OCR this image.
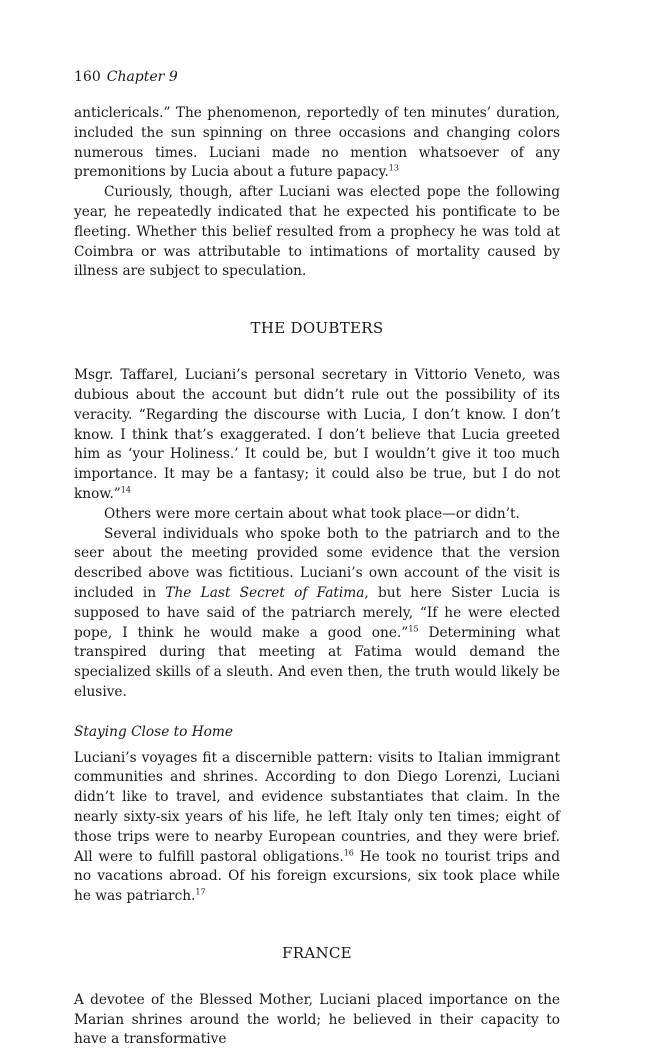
160 Chapter 9

anticlericals.” The phenomenon, reportedly of ten minutes’ duration, included the sun spinning on three occasions and changing colors numerous times. Luciani made no mention whatsoever of any premonitions by Lucia about a future papacy.$^{13}$

Curiously, though, after Luciani was elected pope the following year, he repeatedly indicated that he expected his pontificate to be fleeting. Whether this belief resulted from a prophecy he was told at Coimbra or was attributable to intimations of mortality caused by illness are subject to speculation.

THE DOUBTERS

Msgr. Taffarel, Luciani’s personal secretary in Vittorio Veneto, was dubious about the account but didn’t rule out the possibility of its veracity. “Regarding the discourse with Lucia, I don’t know. I don’t know. I think that’s exaggerated. I don’t believe that Lucia greeted him as ‘your Holiness.’ It could be, but I wouldn’t give it too much importance. It may be a fantasy; it could also be true, but I do not know.”$^{14}$

Others were more certain about what took place—or didn’t.

Several individuals who spoke both to the patriarch and to the seer about the meeting provided some evidence that the version described above was fictitious. Luciani’s own account of the visit is included in The Last Secret of Fatima, but here Sister Lucia is supposed to have said of the patriarch merely, “If he were elected pope, I think he would make a good one.”$^{15}$ Determining what transpired during that meeting at Fatima would demand the specialized skills of a sleuth. And even then, the truth would likely be elusive.

Staying Close to Home

Luciani’s voyages fit a discernible pattern: visits to Italian immigrant communities and shrines. According to don Diego Lorenzi, Luciani didn’t like to travel, and evidence substantiates that claim. In the nearly sixty-six years of his life, he left Italy only ten times; eight of those trips were to nearby European countries, and they were brief. All were to fulfill pastoral obligations.$^{16}$ He took no tourist trips and no vacations abroad. Of his foreign excursions, six took place while he was patriarch.$^{17}$

FRANCE

A devotee of the Blessed Mother, Luciani placed importance on the Marian shrines around the world; he believed in their capacity to have a transformative
